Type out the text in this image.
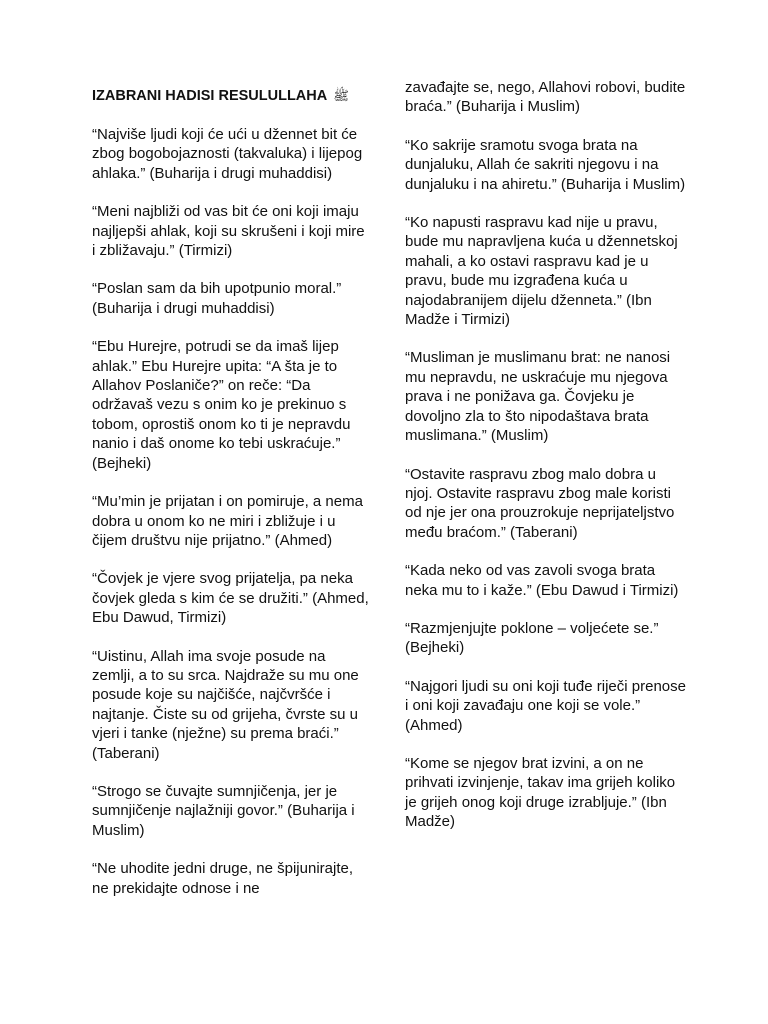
IZABRANI HADISI RESULULLAHA ﷺ

“Najviše ljudi koji će ući u džennet bit će zbog bogobojaznosti (takvaluka) i lijepog ahlaka.” (Buharija i drugi muhaddisi)

“Meni najbliži od vas bit će oni koji imaju najljepši ahlak, koji su skrušeni i koji mire i zbližavaju.” (Tirmizi)

“Poslan sam da bih upotpunio moral.” (Buharija i drugi muhaddisi)

“Ebu Hurejre, potrudi se da imaš lijep ahlak.” Ebu Hurejre upita: “A šta je to Allahov Poslaniče?” on reče: “Da održavaš vezu s onim ko je prekinuo s tobom, oprostiš onom ko ti je nepravdu nanio i daš onome ko tebi uskraćuje.” (Bejheki)

“Mu’min je prijatan i on pomiruje, a nema dobra u onom ko ne miri i zbližuje i u čijem društvu nije prijatno.” (Ahmed)

“Čovjek je vjere svog prijatelja, pa neka čovjek gleda s kim će se družiti.” (Ahmed, Ebu Dawud, Tirmizi)

“Uistinu, Allah ima svoje posude na zemlji, a to su srca. Najdraže su mu one posude koje su najčišće, najčvršće i najtanje. Čiste su od grijeha, čvrste su u vjeri i tanke (nježne) su prema braći.” (Taberani)

“Strogo se čuvajte sumnjičenja, jer je sumnjičenje najlažniji govor.” (Buharija i Muslim)

“Ne uhodite jedni druge, ne špijunirajte, ne prekidajte odnose i ne

zavađajte se, nego, Allahovi robovi, budite braća.” (Buharija i Muslim)

“Ko sakrije sramotu svoga brata na dunjaluku, Allah će sakriti njegovu i na dunjaluku i na ahiretu.” (Buharija i Muslim)

“Ko napusti raspravu kad nije u pravu, bude mu napravljena kuća u džennetskoj mahali, a ko ostavi raspravu kad je u pravu, bude mu izgrađena kuća u najodabranijem dijelu dženneta.” (Ibn Madže i Tirmizi)

“Musliman je muslimanu brat: ne nanosi mu nepravdu, ne uskraćuje mu njegova prava i ne ponižava ga. Čovjeku je dovoljno zla to što nipodaštava brata muslimana.” (Muslim)

“Ostavite raspravu zbog malo dobra u njoj. Ostavite raspravu zbog male koristi od nje jer ona prouzrokuje neprijateljstvo među braćom.” (Taberani)

“Kada neko od vas zavoli svoga brata neka mu to i kaže.” (Ebu Dawud i Tirmizi)

“Razmjenjujte poklone – voljećete se.” (Bejheki)

“Najgori ljudi su oni koji tuđe riječi prenose i oni koji zavađaju one koji se vole.” (Ahmed)

“Kome se njegov brat izvini, a on ne prihvati izvinjenje, takav ima grijeh koliko je grijeh onog koji druge izrabljuje.” (Ibn Madže)
